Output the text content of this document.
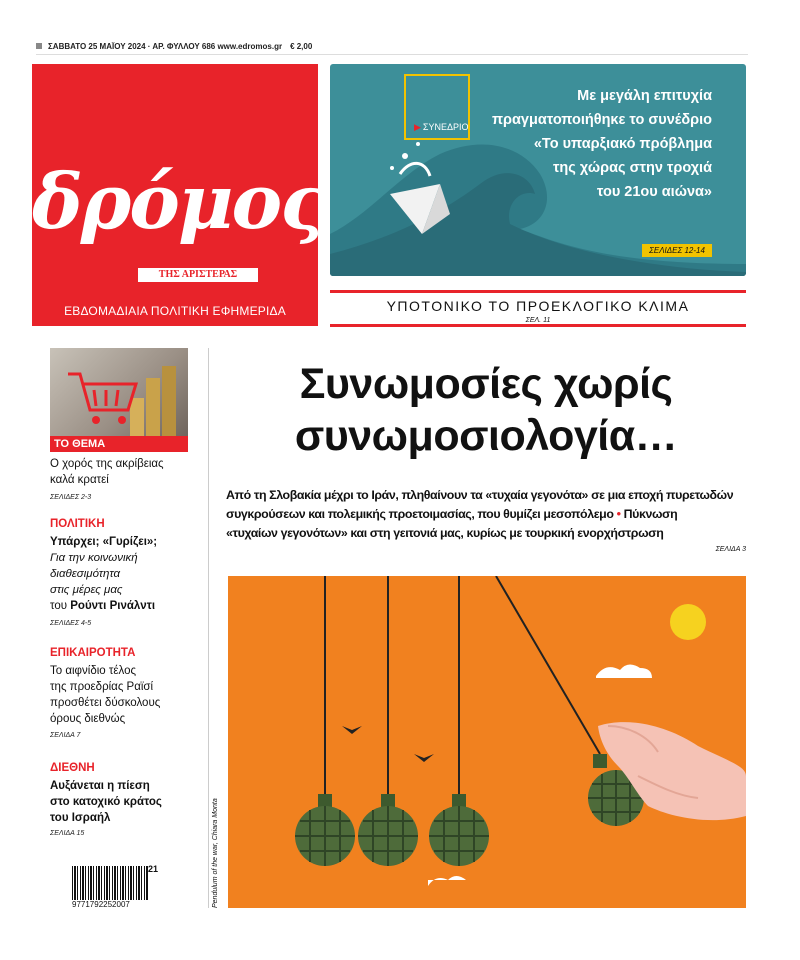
ΣΑΒΒΑΤΟ 25 ΜΑΪΟΥ 2024 · ΑΡ. ΦΥΛΛΟΥ 686 www.edromos.gr € 2,00
δρόμος
ΤΗΣ ΑΡΙΣΤΕΡΑΣ
ΕΒΔΟΜΑΔΙΑΙΑ ΠΟΛΙΤΙΚΗ ΕΦΗΜΕΡΙΔΑ
▶ ΣΥΝΕΔΡΙΟ
Με μεγάλη επιτυχία
πραγματοποιήθηκε το συνέδριο
«Το υπαρξιακό πρόβλημα
της χώρας στην τροχιά
του 21ου αιώνα»
ΣΕΛΙΔΕΣ 12-14
ΥΠΟΤΟΝΙΚΟ ΤΟ ΠΡΟΕΚΛΟΓΙΚΟ ΚΛΙΜΑ
ΣΕΛ. 11
ΤΟ ΘΕΜΑ
Ο χορός της ακρίβειας
καλά κρατεί
ΣΕΛΙΔΕΣ 2-3
ΠΟΛΙΤΙΚΗ
Υπάρχει; «Γυρίζει»;
Για την κοινωνική
διαθεσιμότητα
στις μέρες μας
του Ρούντι Ρινάλντι
ΣΕΛΙΔΕΣ 4-5
ΕΠΙΚΑΙΡΟΤΗΤΑ
Το αιφνίδιο τέλος
της προεδρίας Ραϊσί
προσθέτει δύσκολους
όρους διεθνώς
ΣΕΛΙΔΑ 7
ΔΙΕΘΝΗ
Αυξάνεται η πίεση
στο κατοχικό κράτος
του Ισραήλ
ΣΕΛΙΔΑ 15
21
9771792252007
Συνωμοσίες χωρίς
συνωμοσιολογία…
Από τη Σλοβακία μέχρι το Ιράν, πληθαίνουν τα «τυχαία γεγονότα» σε μια εποχή πυρετωδών
συγκρούσεων και πολεμικής προετοιμασίας, που θυμίζει μεσοπόλεμο • Πύκνωση
«τυχαίων γεγονότων» και στη γειτονιά μας, κυρίως με τουρκική ενορχήστρωση
ΣΕΛΙΔΑ 3
Pendulum of the war, Chiara Monta
